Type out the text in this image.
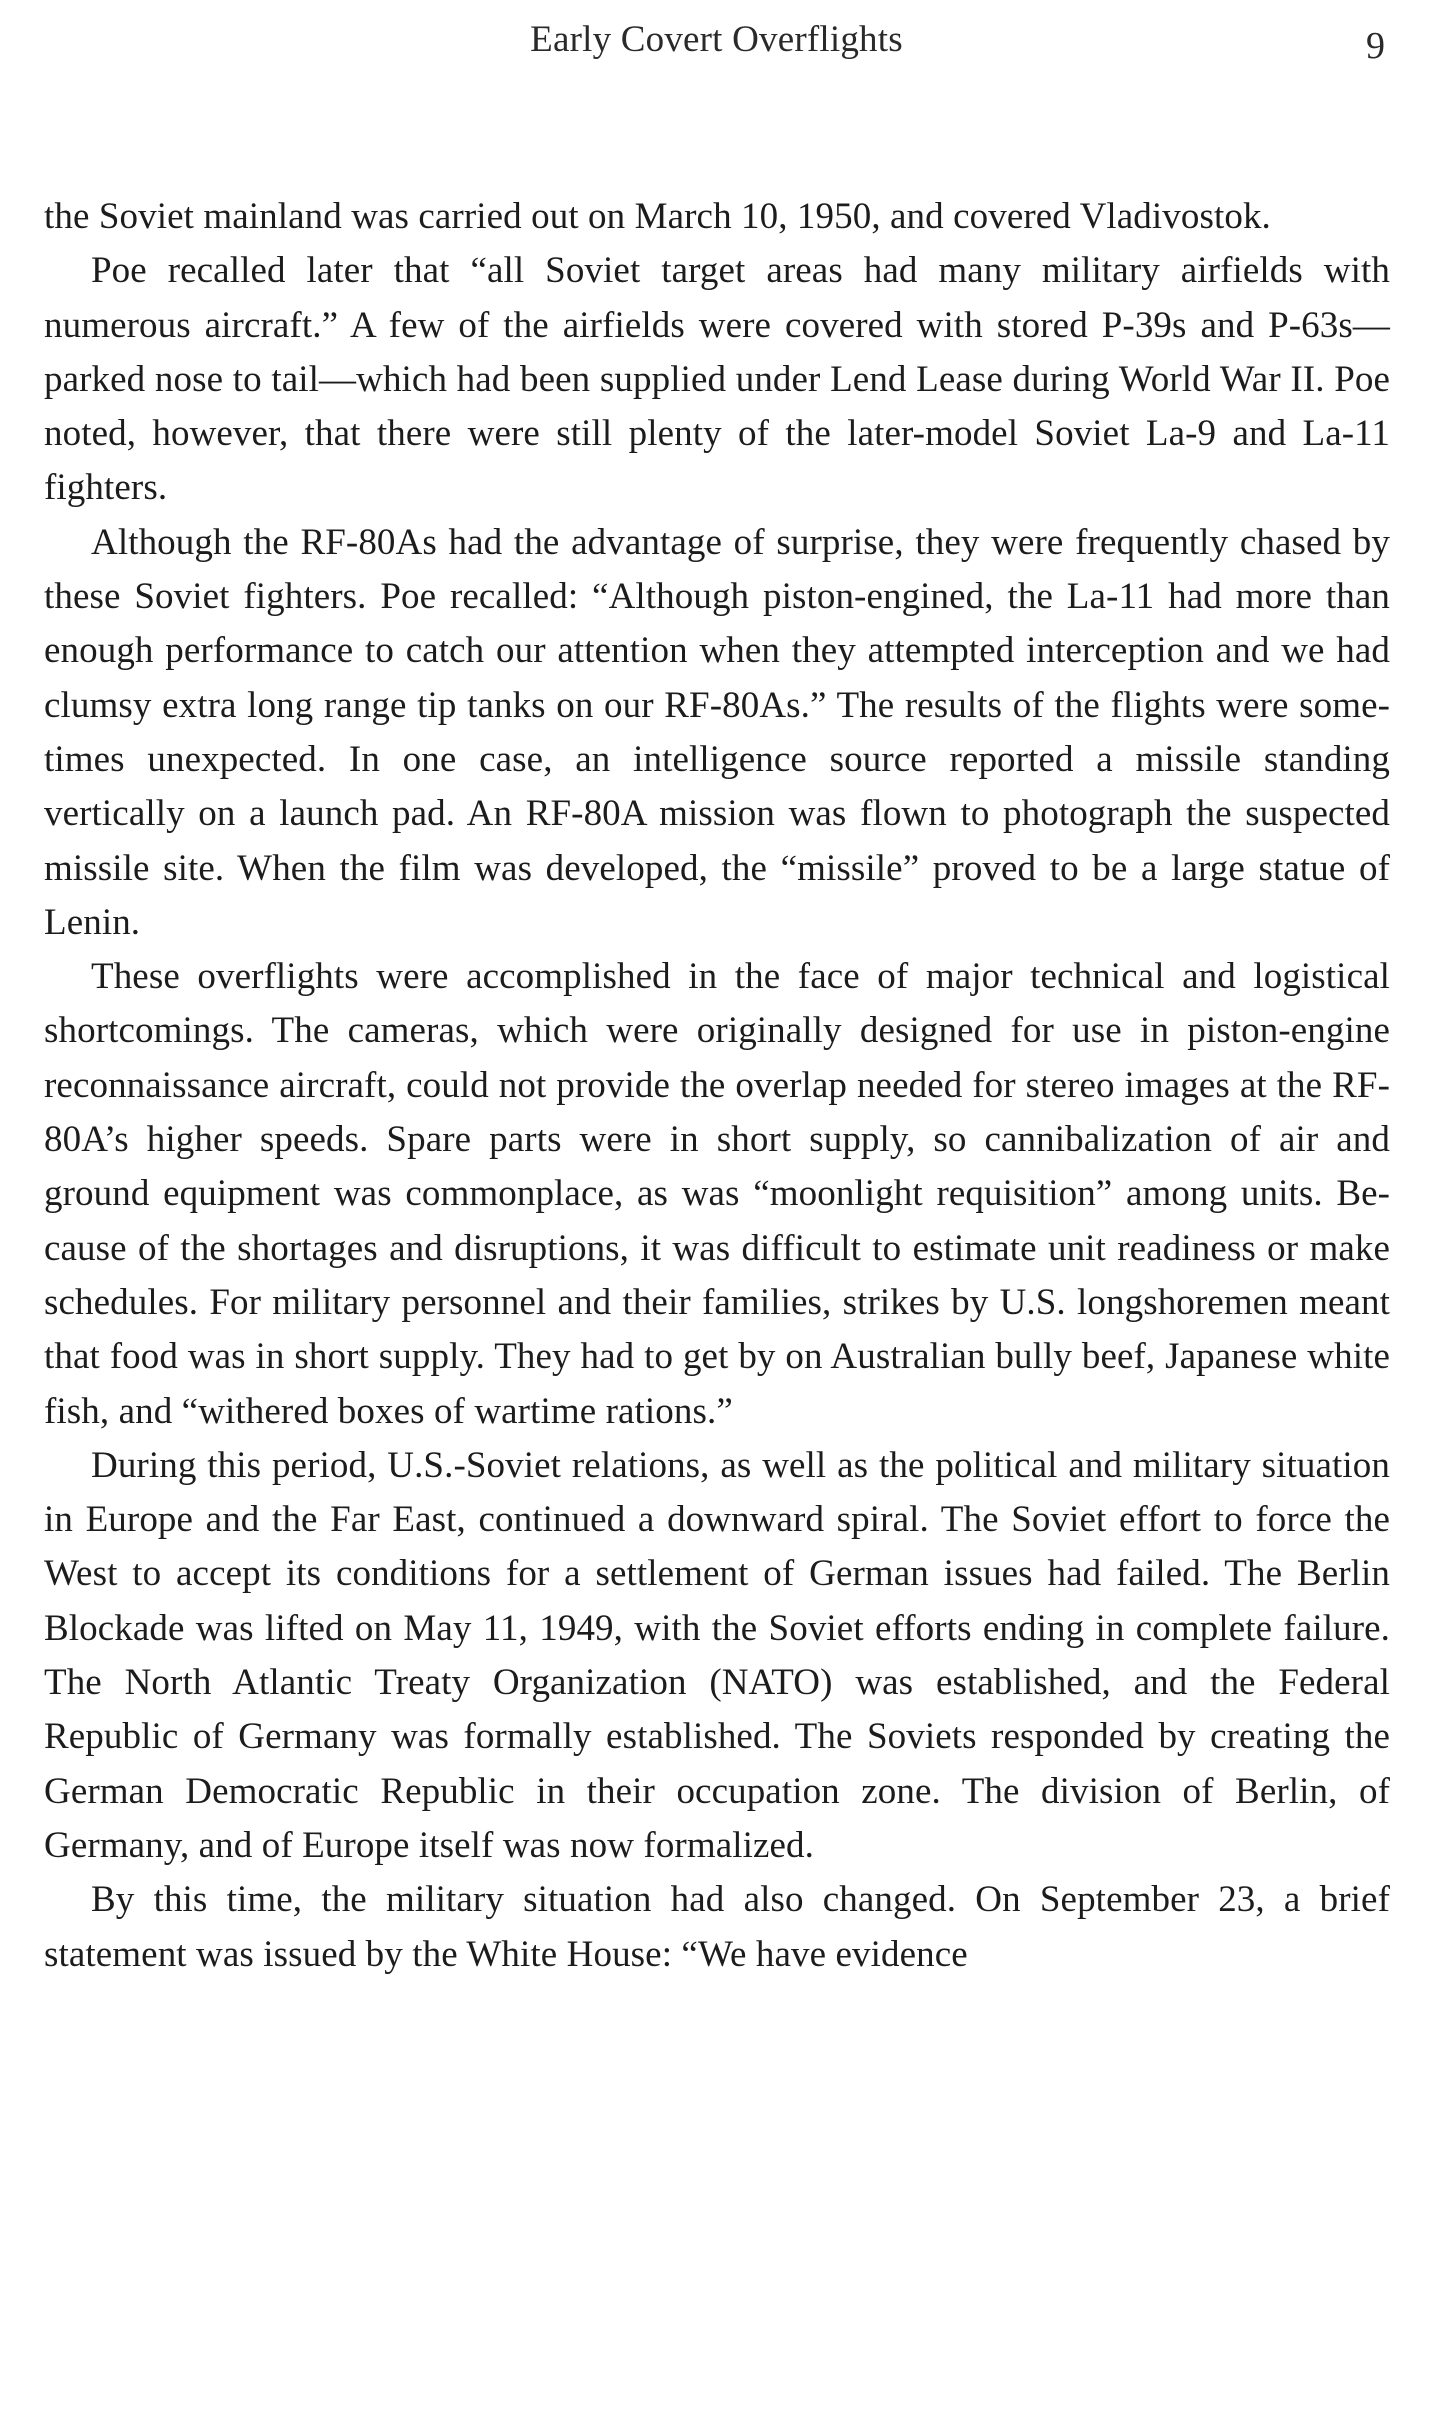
Early Covert Overflights	9

the Soviet mainland was carried out on March 10, 1950, and covered Vladivostok.

Poe recalled later that “all Soviet target areas had many military airfields with numerous aircraft.” A few of the airfields were covered with stored P-39s and P-63s—parked nose to tail—which had been supplied under Lend Lease during World War II. Poe noted, however, that there were still plenty of the later-model Soviet La-9 and La-11 fighters.

Although the RF-80As had the advantage of surprise, they were frequently chased by these Soviet fighters. Poe recalled: “Although piston-engined, the La-11 had more than enough performance to catch our attention when they attempted interception and we had clumsy extra long range tip tanks on our RF-80As.” The results of the flights were sometimes unexpected. In one case, an intelligence source reported a missile standing vertically on a launch pad. An RF-80A mission was flown to photograph the suspected missile site. When the film was developed, the “missile” proved to be a large statue of Lenin.

These overflights were accomplished in the face of major technical and logistical shortcomings. The cameras, which were originally designed for use in piston-engine reconnaissance aircraft, could not provide the overlap needed for stereo images at the RF-80A’s higher speeds. Spare parts were in short supply, so cannibalization of air and ground equipment was commonplace, as was “moonlight requisition” among units. Because of the shortages and disruptions, it was difficult to estimate unit readiness or make schedules. For military personnel and their families, strikes by U.S. longshoremen meant that food was in short supply. They had to get by on Australian bully beef, Japanese white fish, and “withered boxes of wartime rations.”

During this period, U.S.-Soviet relations, as well as the political and military situation in Europe and the Far East, continued a downward spiral. The Soviet effort to force the West to accept its conditions for a settlement of German issues had failed. The Berlin Blockade was lifted on May 11, 1949, with the Soviet efforts ending in complete failure. The North Atlantic Treaty Organization (NATO) was established, and the Federal Republic of Germany was formally established. The Soviets responded by creating the German Democratic Republic in their occupation zone. The division of Berlin, of Germany, and of Europe itself was now formalized.

By this time, the military situation had also changed. On September 23, a brief statement was issued by the White House: “We have evidence
